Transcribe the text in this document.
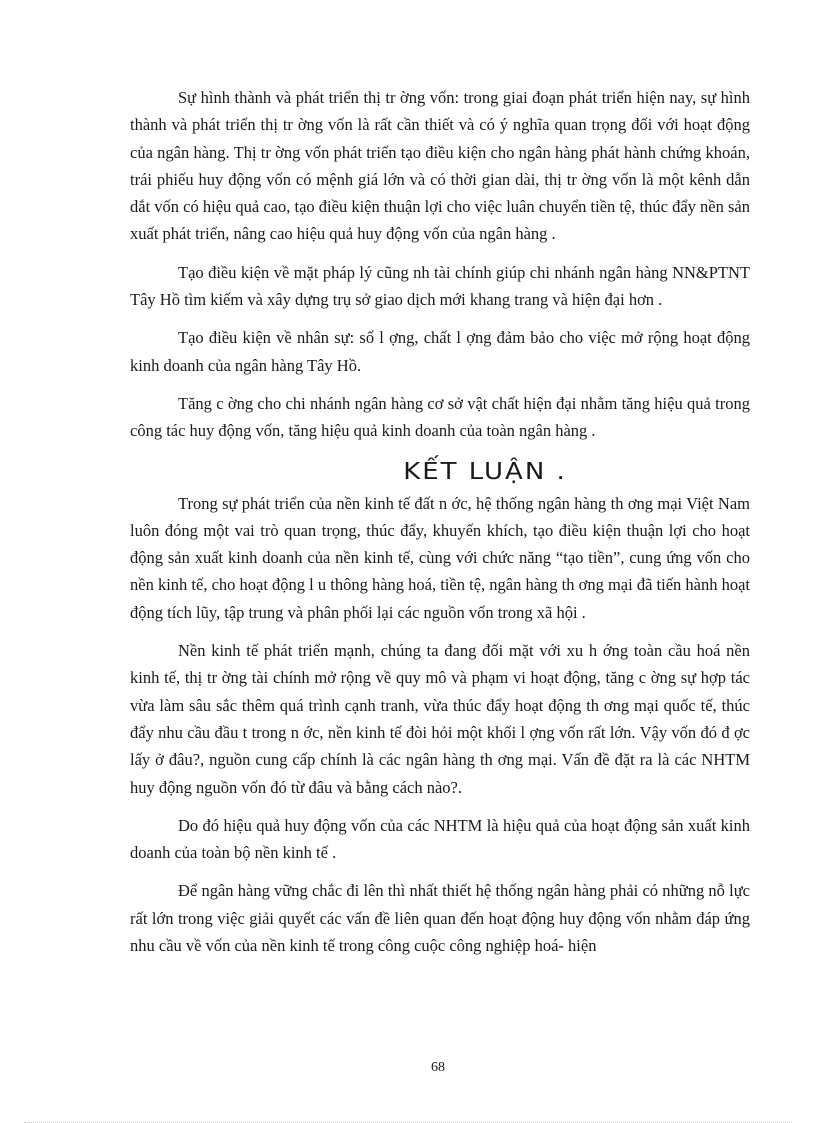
Sự hình thành và phát triển thị tr ờng vốn: trong giai đoạn phát triển hiện nay, sự hình thành và phát triển thị tr ờng vốn là rất cần thiết và có ý nghĩa quan trọng đối với hoạt động của ngân hàng. Thị tr ờng vốn phát triển tạo điều kiện cho ngân hàng phát hành chứng khoán, trái phiếu huy động vốn có mệnh giá lớn và có thời gian dài, thị tr ờng vốn là một kênh dẫn dắt vốn có hiệu quả cao, tạo điều kiện thuận lợi cho việc luân chuyển tiền tệ, thúc đẩy nền sản xuất phát triển, nâng cao hiệu quả huy động vốn của ngân hàng .

Tạo điều kiện về mặt pháp lý cũng nh tài chính giúp chi nhánh ngân hàng NN&PTNT Tây Hồ tìm kiếm và xây dựng trụ sở giao dịch mới khang trang và hiện đại hơn .

Tạo điều kiện về nhân sự: số l ợng, chất l ợng đảm bảo cho việc mở rộng hoạt động kinh doanh của ngân hàng Tây Hồ.

Tăng c ờng cho chi nhánh ngân hàng cơ sở vật chất hiện đại nhằm tăng hiệu quả trong công tác huy động vốn, tăng hiệu quả kinh doanh của toàn ngân hàng .

KẾT LUẬN .

Trong sự phát triển của nền kinh tế đất n ớc, hệ thống ngân hàng th ơng mại Việt Nam luôn đóng một vai trò quan trọng, thúc đẩy, khuyến khích, tạo điều kiện thuận lợi cho hoạt động sản xuất kinh doanh của nền kinh tế, cùng với chức năng “tạo tiền”, cung ứng vốn cho nền kinh tế, cho hoạt động l u thông hàng hoá, tiền tệ, ngân hàng th ơng mại đã tiến hành hoạt động tích lũy, tập trung và phân phối lại các nguồn vốn trong xã hội .

Nền kinh tế phát triển mạnh, chúng ta đang đối mặt với xu h ớng toàn cầu hoá nền kinh tế, thị tr ờng tài chính mở rộng về quy mô và phạm vi hoạt động, tăng c ờng sự hợp tác vừa làm sâu sắc thêm quá trình cạnh tranh, vừa thúc đẩy hoạt động th ơng mại quốc tế, thúc đẩy nhu cầu đầu t trong n ớc, nền kinh tế đòi hỏi một khối l ợng vốn rất lớn. Vậy vốn đó đ ợc lấy ở đâu?, nguồn cung cấp chính là các ngân hàng th ơng mại. Vấn đề đặt ra là các NHTM huy động nguồn vốn đó từ đâu và bằng cách nào?.

Do đó hiệu quả huy động vốn của các NHTM là hiệu quả của hoạt động sản xuất kinh doanh của toàn bộ nền kinh tế .

Để ngân hàng vững chắc đi lên thì nhất thiết hệ thống ngân hàng phải có những nỗ lực rất lớn trong việc giải quyết các vấn đề liên quan đến hoạt động huy động vốn nhằm đáp ứng nhu cầu về vốn của nền kinh tế trong công cuộc công nghiệp hoá- hiện

68
